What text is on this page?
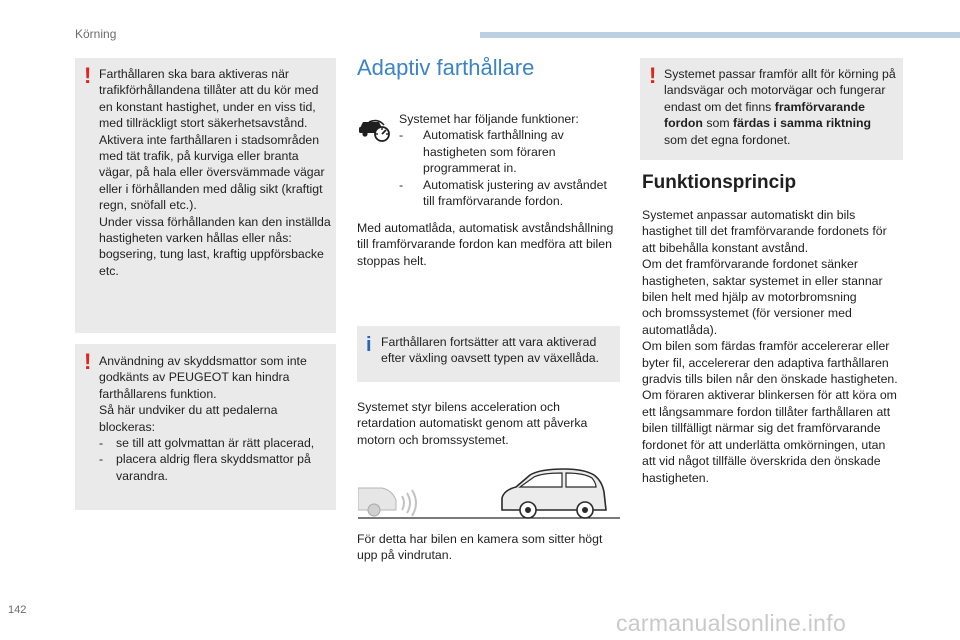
Körning
! Farthållaren ska bara aktiveras när
trafikförhållandena tillåter att du kör med
en konstant hastighet, under en viss tid,
med tillräckligt stort säkerhetsavstånd.
Aktivera inte farthållaren i stadsområden
med tät trafik, på kurviga eller branta
vägar, på hala eller översvämmade vägar
eller i förhållanden med dålig sikt (kraftigt
regn, snöfall etc.).
Under vissa förhållanden kan den inställda
hastigheten varken hållas eller nås:
bogsering, tung last, kraftig uppförsbacke
etc.
! Användning av skyddsmattor som inte
godkänts av PEUGEOT kan hindra
farthållarens funktion.
Så här undviker du att pedalerna
blockeras:
- se till att golvmattan är rätt placerad,
- placera aldrig flera skyddsmattor på
varandra.
Adaptiv farthållare
Systemet har följande funktioner:
- Automatisk farthållning av
hastigheten som föraren
programmerat in.
- Automatisk justering av avståndet
till framförvarande fordon.
Med automatlåda, automatisk avståndshållning
till framförvarande fordon kan medföra att bilen
stoppas helt.
i Farthållaren fortsätter att vara aktiverad
efter växling oavsett typen av växellåda.
Systemet styr bilens acceleration och
retardation automatiskt genom att påverka
motorn och bromssystemet.
För detta har bilen en kamera som sitter högt
upp på vindrutan.
! Systemet passar framför allt för körning på
landsvägar och motorvägar och fungerar
endast om det finns framförvarande
fordon som färdas i samma riktning
som det egna fordonet.
Funktionsprincip
Systemet anpassar automatiskt din bils
hastighet till det framförvarande fordonets för
att bibehålla konstant avstånd.
Om det framförvarande fordonet sänker
hastigheten, saktar systemet in eller stannar
bilen helt med hjälp av motorbromsning
och bromssystemet (för versioner med
automatlåda).
Om bilen som färdas framför accelererar eller
byter fil, accelererar den adaptiva farthållaren
gradvis tills bilen når den önskade hastigheten.
Om föraren aktiverar blinkersen för att köra om
ett långsammare fordon tillåter farthållaren att
bilen tillfälligt närmar sig det framförvarande
fordonet för att underlätta omkörningen, utan
att vid något tillfälle överskrida den önskade
hastigheten.
142	carmanualsonline.info
